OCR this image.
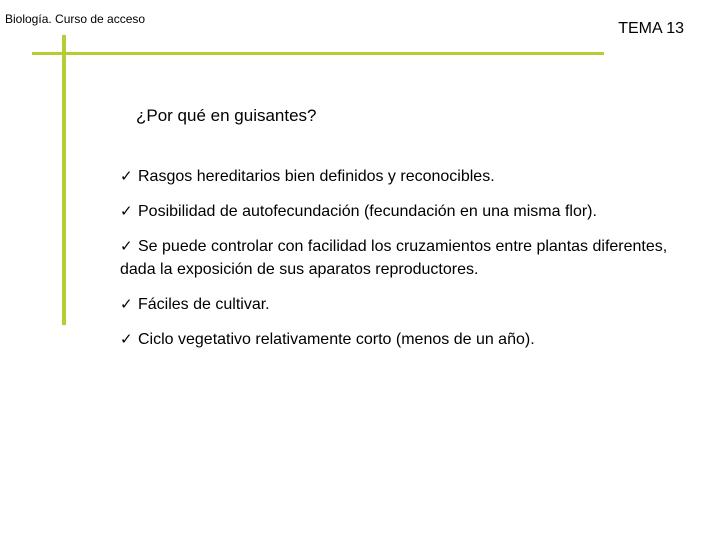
Biología. Curso de acceso
TEMA 13
¿Por qué en guisantes?
✓ Rasgos hereditarios bien definidos y reconocibles.
✓ Posibilidad de autofecundación (fecundación en una misma flor).
✓ Se puede controlar con facilidad los cruzamientos entre plantas diferentes, dada la exposición de sus aparatos reproductores.
✓ Fáciles de cultivar.
✓ Ciclo vegetativo relativamente corto (menos de un año).
